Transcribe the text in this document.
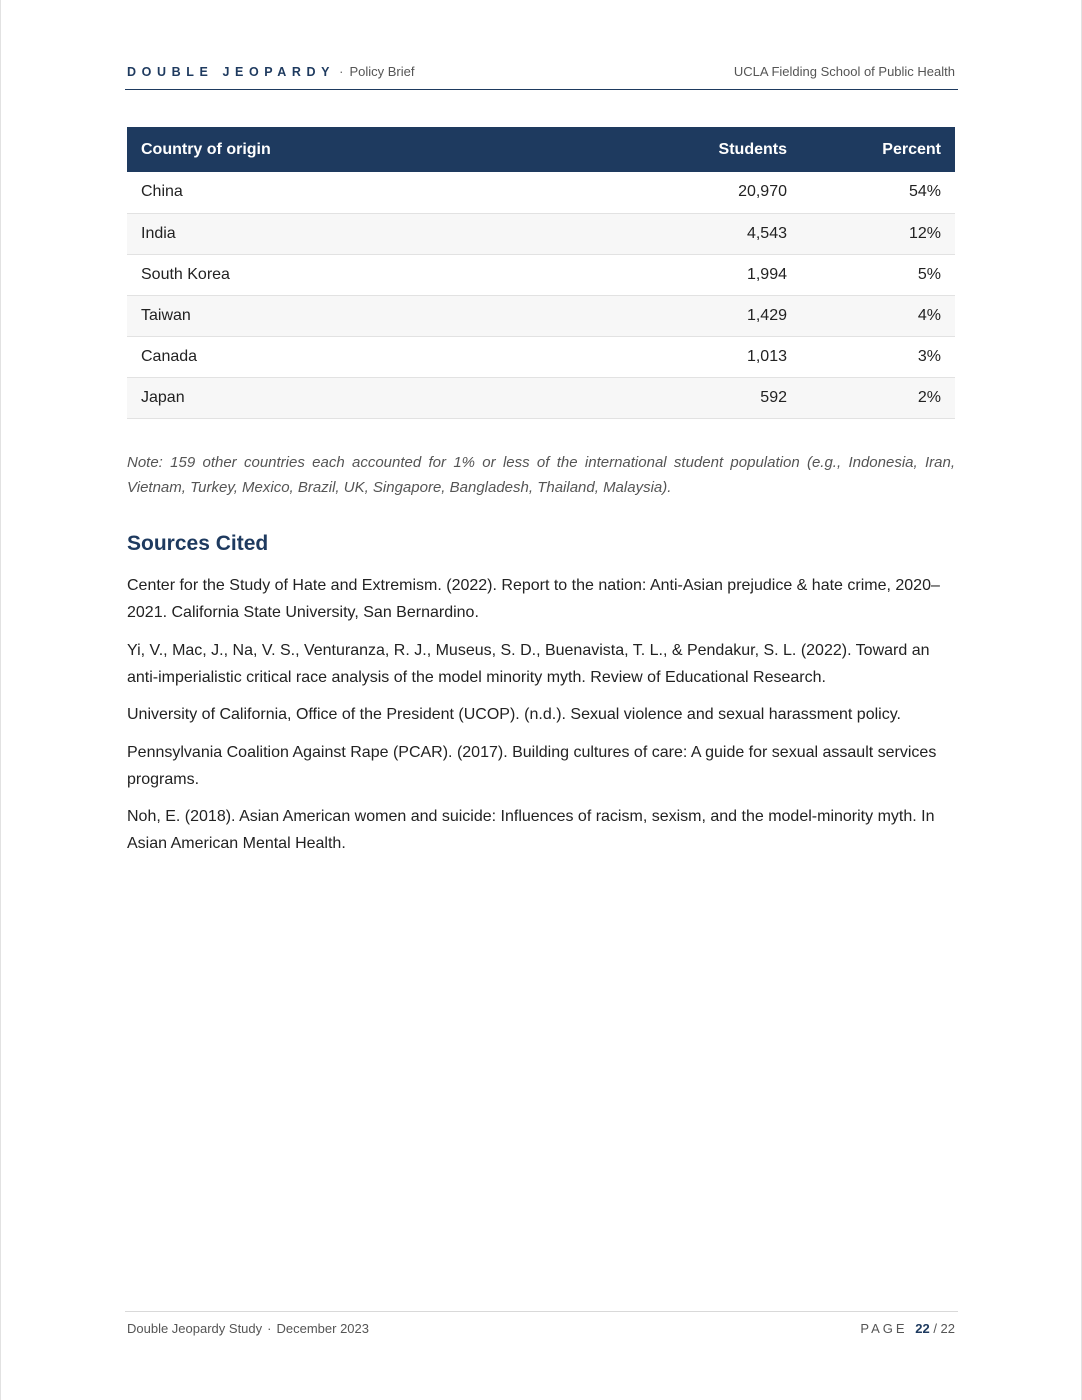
DOUBLE JEOPARDY · Policy Brief	UCLA Fielding School of Public Health
Country of origin	Students	Percent
China	20,970	54%
India	4,543	12%
South Korea	1,994	5%
Taiwan	1,429	4%
Canada	1,013	3%
Japan	592	2%

Note: 159 other countries each accounted for 1% or less of the international student population (e.g., Indonesia, Iran, Vietnam, Turkey, Mexico, Brazil, UK, Singapore, Bangladesh, Thailand, Malaysia).

Sources Cited
Center for the Study of Hate and Extremism. (2022). Report to the nation: Anti-Asian prejudice & hate crime, 2020–2021. California State University, San Bernardino.
Yi, V., Mac, J., Na, V. S., Venturanza, R. J., Museus, S. D., Buenavista, T. L., & Pendakur, S. L. (2022). Toward an anti-imperialistic critical race analysis of the model minority myth. Review of Educational Research.
University of California, Office of the President (UCOP). (n.d.). Sexual violence and sexual harassment policy.
Pennsylvania Coalition Against Rape (PCAR). (2017). Building cultures of care: A guide for sexual assault services programs.
Noh, E. (2018). Asian American women and suicide: Influences of racism, sexism, and the model-minority myth. In Asian American Mental Health.
Double Jeopardy Study · December 2023	PAGE 22 / 22
